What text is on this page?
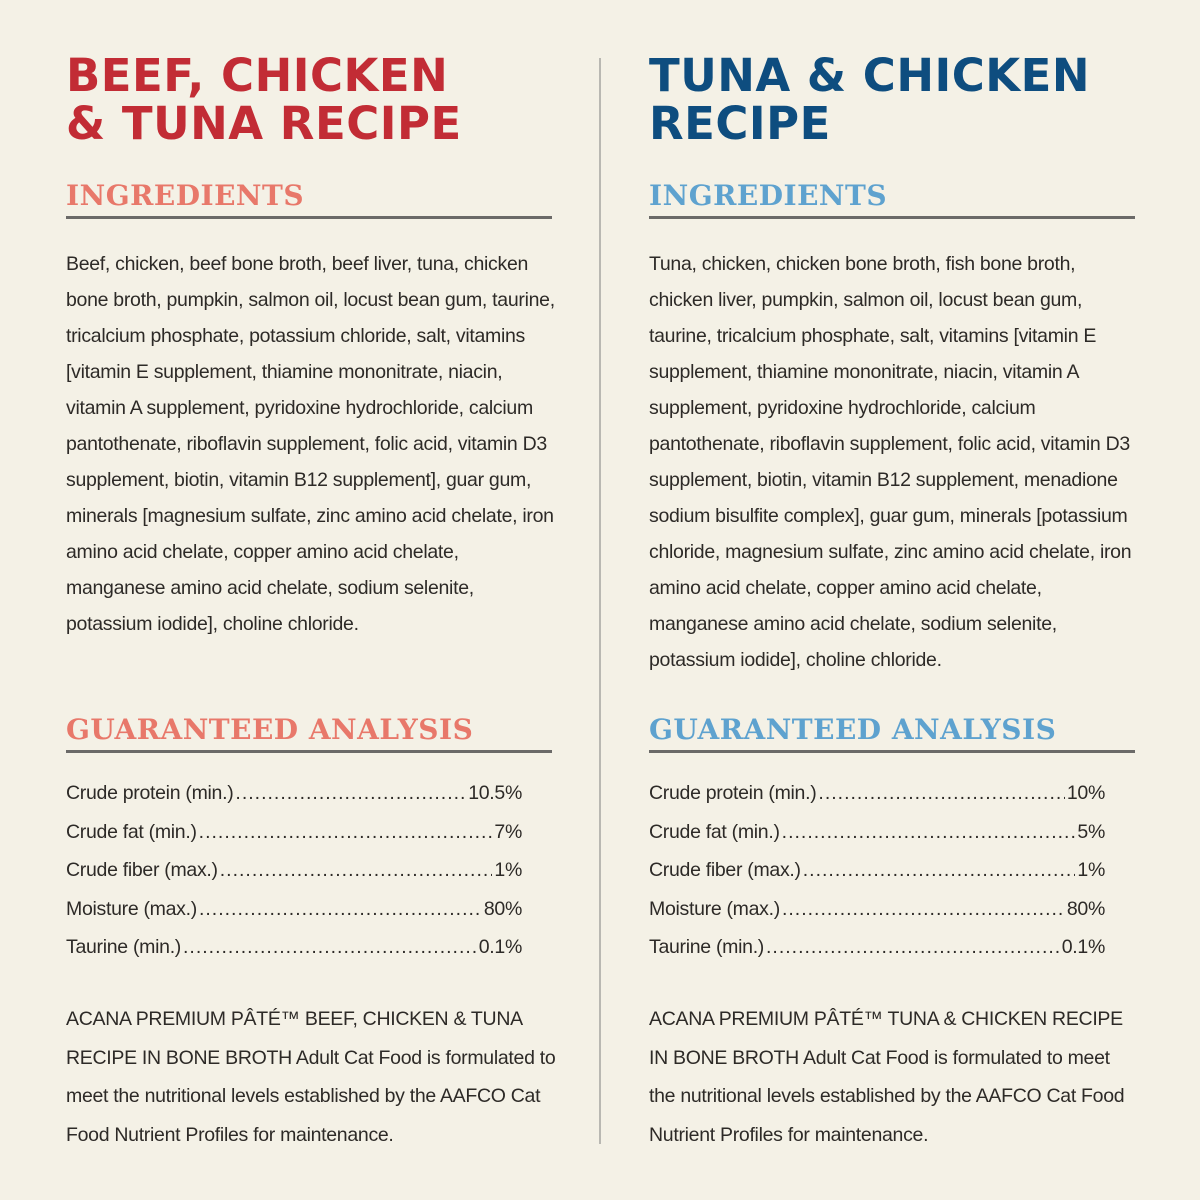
BEEF, CHICKEN
& TUNA RECIPE
INGREDIENTS

Beef, chicken, beef bone broth, beef liver, tuna, chicken bone broth, pumpkin, salmon oil, locust bean gum, taurine, tricalcium phosphate, potassium chloride, salt, vitamins [vitamin E supplement, thiamine mononitrate, niacin, vitamin A supplement, pyridoxine hydrochloride, calcium pantothenate, riboflavin supplement, folic acid, vitamin D3 supplement, biotin, vitamin B12 supplement], guar gum, minerals [magnesium sulfate, zinc amino acid chelate, iron amino acid chelate, copper amino acid chelate, manganese amino acid chelate, sodium selenite, potassium iodide], choline chloride.

GUARANTEED ANALYSIS
Crude protein (min.) .....	10.5%
Crude fat (min.) .....	7%
Crude fiber (max.) .....	1%
Moisture (max.) .....	80%
Taurine (min.) .....	0.1%

ACANA PREMIUM PÂTÉ™ BEEF, CHICKEN & TUNA RECIPE IN BONE BROTH Adult Cat Food is formulated to meet the nutritional levels established by the AAFCO Cat Food Nutrient Profiles for maintenance.

TUNA & CHICKEN
RECIPE
INGREDIENTS

Tuna, chicken, chicken bone broth, fish bone broth, chicken liver, pumpkin, salmon oil, locust bean gum, taurine, tricalcium phosphate, salt, vitamins [vitamin E supplement, thiamine mononitrate, niacin, vitamin A supplement, pyridoxine hydrochloride, calcium pantothenate, riboflavin supplement, folic acid, vitamin D3 supplement, biotin, vitamin B12 supplement, menadione sodium bisulfite complex], guar gum, minerals [potassium chloride, magnesium sulfate, zinc amino acid chelate, iron amino acid chelate, copper amino acid chelate, manganese amino acid chelate, sodium selenite, potassium iodide], choline chloride.

GUARANTEED ANALYSIS
Crude protein (min.) .....	10%
Crude fat (min.) .....	5%
Crude fiber (max.) .....	1%
Moisture (max.) .....	80%
Taurine (min.) .....	0.1%

ACANA PREMIUM PÂTÉ™ TUNA & CHICKEN RECIPE IN BONE BROTH Adult Cat Food is formulated to meet the nutritional levels established by the AAFCO Cat Food Nutrient Profiles for maintenance.
